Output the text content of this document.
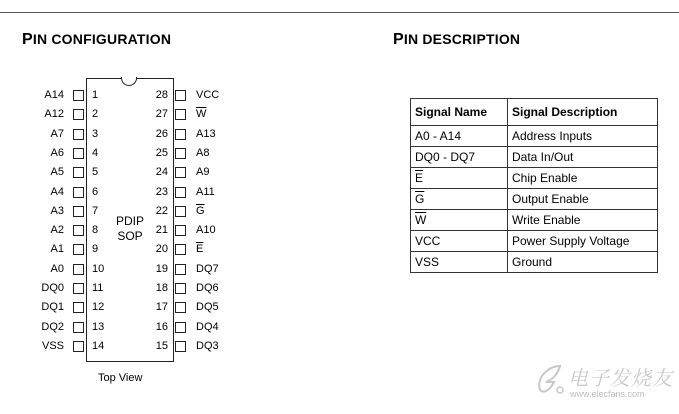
PIN CONFIGURATION	PIN DESCRIPTION
PDIP
SOP
A14	1
A12	2
A7	3
A6	4
A5	5
A4	6
A3	7
A2	8
A1	9
A0	10
DQ0	11
DQ1	12
DQ2	13
VSS	14
28	VCC
27	$\overline{W}$
26	A13
25	A8
24	A9
23	A11
22	$\overline{G}$
21	A10
20	$\overline{E}$
19	DQ7
18	DQ6
17	DQ5
16	DQ4
15	DQ3
Top View
Signal Name	Signal Description
A0 - A14	Address Inputs
DQ0 - DQ7	Data In/Out
$\overline{E}$	Chip Enable
$\overline{G}$	Output Enable
$\overline{W}$	Write Enable
VCC	Power Supply Voltage
VSS	Ground
电子发烧友
www.elecfans.com
